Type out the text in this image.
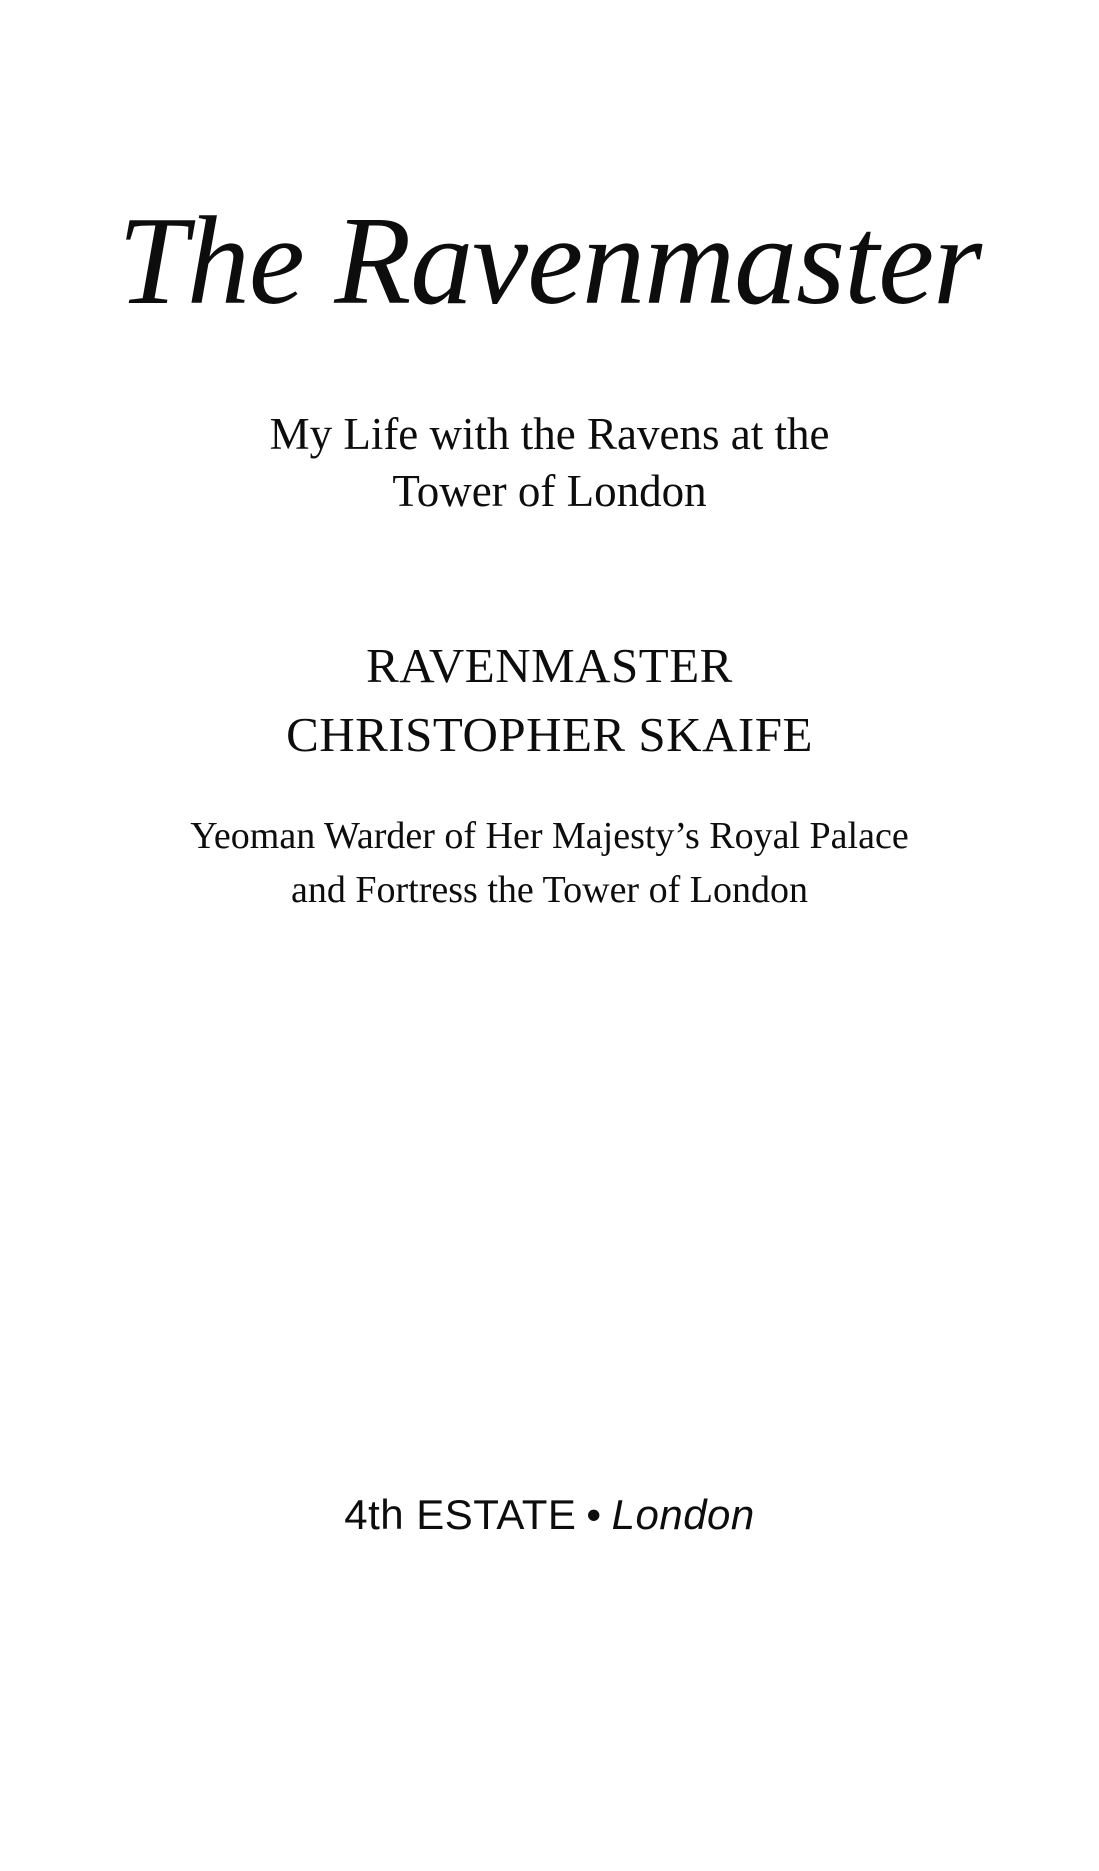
The Ravenmaster

My Life with the Ravens at the
Tower of London

RAVENMASTER

CHRISTOPHER SKAIFE

Yeoman Warder of Her Majesty’s Royal Palace
and Fortress the Tower of London

4th ESTATE • London
